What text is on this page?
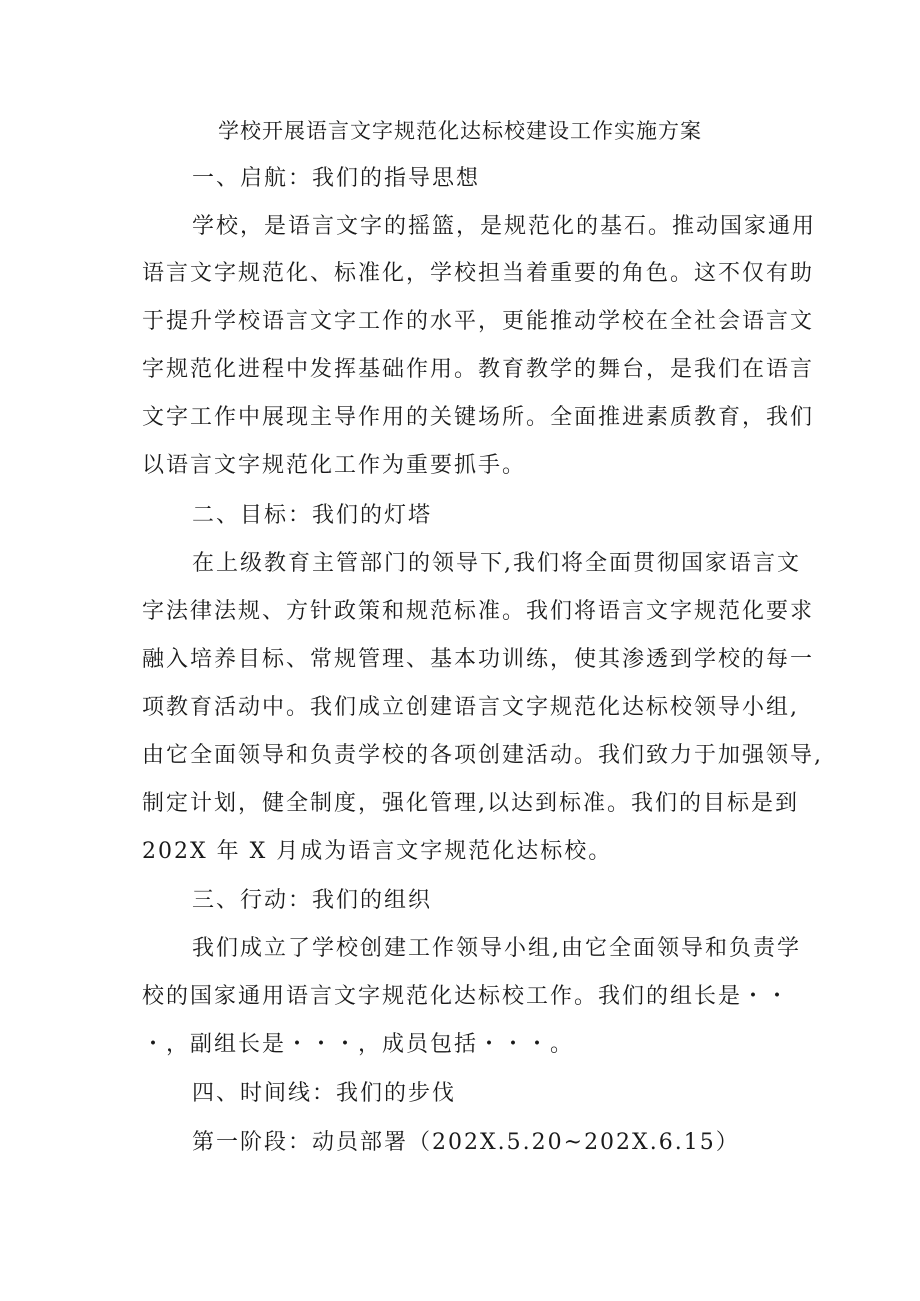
学校开展语言文字规范化达标校建设工作实施方案
一、启航：我们的指导思想
学校，是语言文字的摇篮，是规范化的基石。推动国家通用
语言文字规范化、标准化，学校担当着重要的角色。这不仅有助
于提升学校语言文字工作的水平，更能推动学校在全社会语言文
字规范化进程中发挥基础作用。教育教学的舞台，是我们在语言
文字工作中展现主导作用的关键场所。全面推进素质教育，我们
以语言文字规范化工作为重要抓手。
二、目标：我们的灯塔
在上级教育主管部门的领导下,我们将全面贯彻国家语言文
字法律法规、方针政策和规范标准。我们将语言文字规范化要求
融入培养目标、常规管理、基本功训练，使其渗透到学校的每一
项教育活动中。我们成立创建语言文字规范化达标校领导小组,
由它全面领导和负责学校的各项创建活动。我们致力于加强领导,
制定计划，健全制度，强化管理,以达到标准。我们的目标是到
202X 年 X 月成为语言文字规范化达标校。
三、行动：我们的组织
我们成立了学校创建工作领导小组,由它全面领导和负责学
校的国家通用语言文字规范化达标校工作。我们的组长是・・
・，副组长是・・・，成员包括・・・。
四、时间线：我们的步伐
第一阶段：动员部署（202X.5.20~202X.6.15）
